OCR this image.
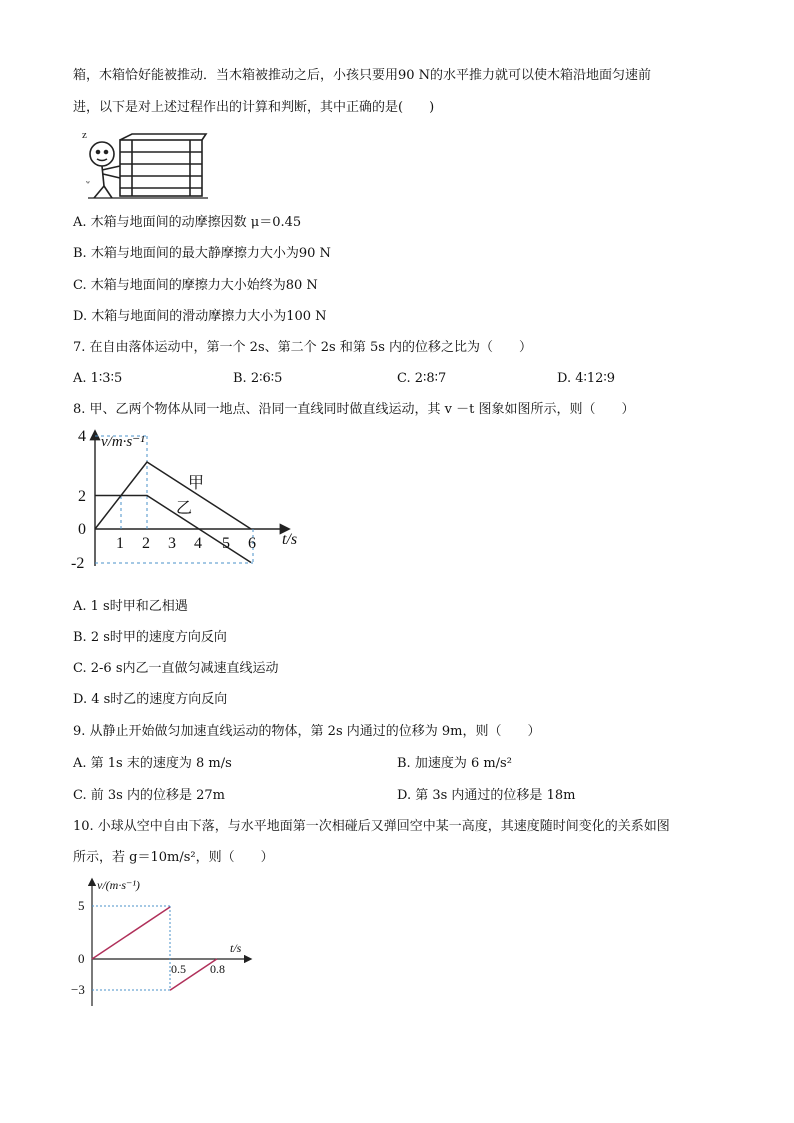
箱，木箱恰好能被推动．当木箱被推动之后，小孩只要用90 N的水平推力就可以使木箱沿地面匀速前
进，以下是对上述过程作出的计算和判断，其中正确的是(　　)
z
ʷ
A. 木箱与地面间的动摩擦因数 μ＝0.45
B. 木箱与地面间的最大静摩擦力大小为90 N
C. 木箱与地面间的摩擦力大小始终为80 N
D. 木箱与地面间的滑动摩擦力大小为100 N
7. 在自由落体运动中，第一个 2s、第二个 2s 和第 5s 内的位移之比为（　　）
A. 1∶3∶5	B. 2∶6∶5	C. 2∶8∶7	D. 4∶12∶9
8. 甲、乙两个物体从同一地点、沿同一直线同时做直线运动，其 v －t 图象如图所示，则（　　）
v/m·s⁻¹
t/s
4
2
0
-2
1 2 3 4 5 6
甲
乙
A. 1 s时甲和乙相遇
B. 2 s时甲的速度方向反向
C. 2-6 s内乙一直做匀减速直线运动
D. 4 s时乙的速度方向反向
9. 从静止开始做匀加速直线运动的物体，第 2s 内通过的位移为 9m，则（　　）
A. 第 1s 末的速度为 8 m/s	B. 加速度为 6 m/s²
C. 前 3s 内的位移是 27m	D. 第 3s 内通过的位移是 18m
10. 小球从空中自由下落，与水平地面第一次相碰后又弹回空中某一高度，其速度随时间变化的关系如图
所示，若 g＝10m/s²，则（　　）
v/(m·s⁻¹)
t/s
5
0
−3
0.5 0.8
